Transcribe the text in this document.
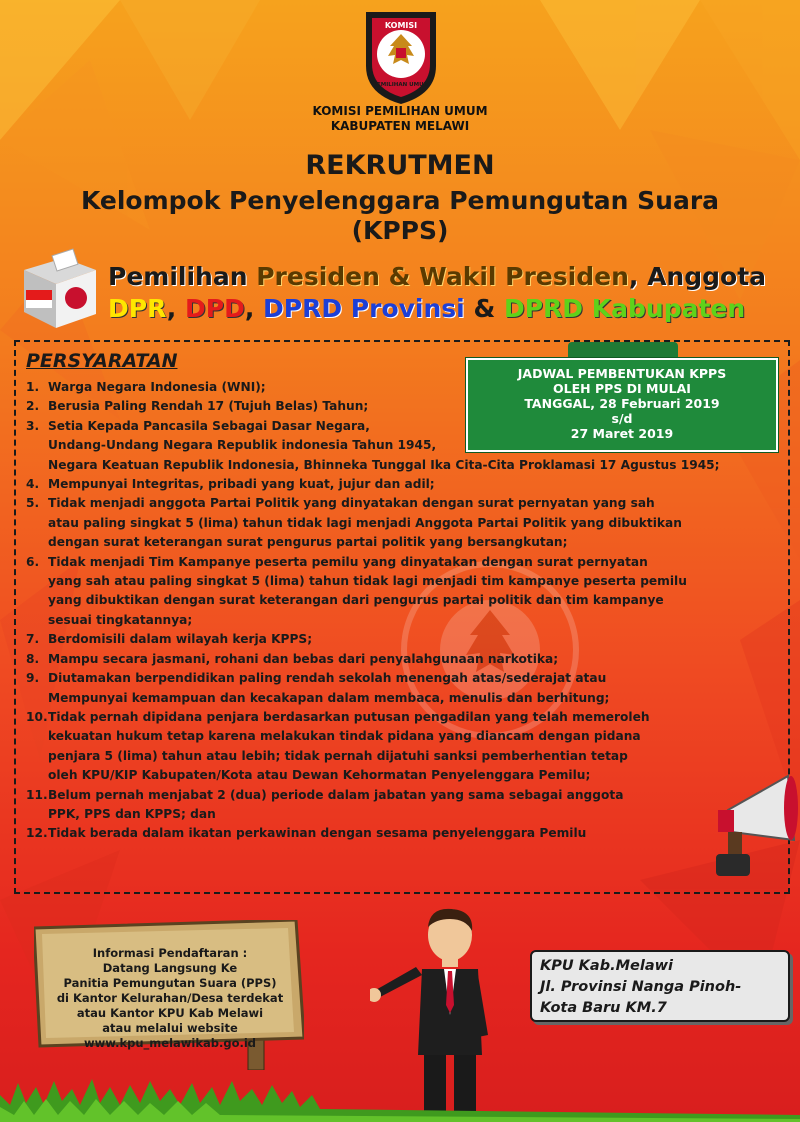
KOMISI
PEMILIHAN UMUM
KOMISI PEMILIHAN UMUM
KABUPATEN MELAWI
REKRUTMEN
Kelompok Penyelenggara Pemungutan Suara
(KPPS)
Pemilihan Presiden & Wakil Presiden, Anggota
DPR, DPD, DPRD Provinsi & DPRD Kabupaten
PERSYARATAN
JADWAL PEMBENTUKAN KPPS
OLEH PPS DI MULAI
TANGGAL, 28 Februari 2019
s/d
27 Maret 2019
1. Warga Negara Indonesia (WNI);
2. Berusia Paling Rendah 17 (Tujuh Belas) Tahun;
3. Setia Kepada Pancasila Sebagai Dasar Negara,
Undang-Undang Negara Republik indonesia Tahun 1945,
Negara Keatuan Republik Indonesia, Bhinneka Tunggal Ika Cita-Cita Proklamasi 17 Agustus 1945;
4. Mempunyai Integritas, pribadi yang kuat, jujur dan adil;
5. Tidak menjadi anggota Partai Politik yang dinyatakan dengan surat pernyatan yang sah
atau paling singkat 5 (lima) tahun tidak lagi menjadi Anggota Partai Politik yang dibuktikan
dengan surat keterangan surat pengurus partai politik yang bersangkutan;
6. Tidak menjadi Tim Kampanye peserta pemilu yang dinyatakan dengan surat pernyatan
yang sah atau paling singkat 5 (lima) tahun tidak lagi menjadi tim kampanye peserta pemilu
yang dibuktikan dengan surat keterangan dari pengurus partai politik dan tim kampanye
sesuai tingkatannya;
7. Berdomisili dalam wilayah kerja KPPS;
8. Mampu secara jasmani, rohani dan bebas dari penyalahgunaan narkotika;
9. Diutamakan berpendidikan paling rendah sekolah menengah atas/sederajat atau
Mempunyai kemampuan dan kecakapan dalam membaca, menulis dan berhitung;
10.Tidak pernah dipidana penjara berdasarkan putusan pengadilan yang telah memeroleh
kekuatan hukum tetap karena melakukan tindak pidana yang diancam dengan pidana
penjara 5 (lima) tahun atau lebih; tidak pernah dijatuhi sanksi pemberhentian tetap
oleh KPU/KIP Kabupaten/Kota atau Dewan Kehormatan Penyelenggara Pemilu;
11.Belum pernah menjabat 2 (dua) periode dalam jabatan yang sama sebagai anggota
PPK, PPS dan KPPS; dan
12.Tidak berada dalam ikatan perkawinan dengan sesama penyelenggara Pemilu
Informasi Pendaftaran :
Datang Langsung Ke
Panitia Pemungutan Suara (PPS)
di Kantor Kelurahan/Desa terdekat
atau Kantor KPU Kab Melawi
atau melalui website
www.kpu_melawikab.go.id
KPU Kab.Melawi
Jl. Provinsi Nanga Pinoh-
Kota Baru KM.7
